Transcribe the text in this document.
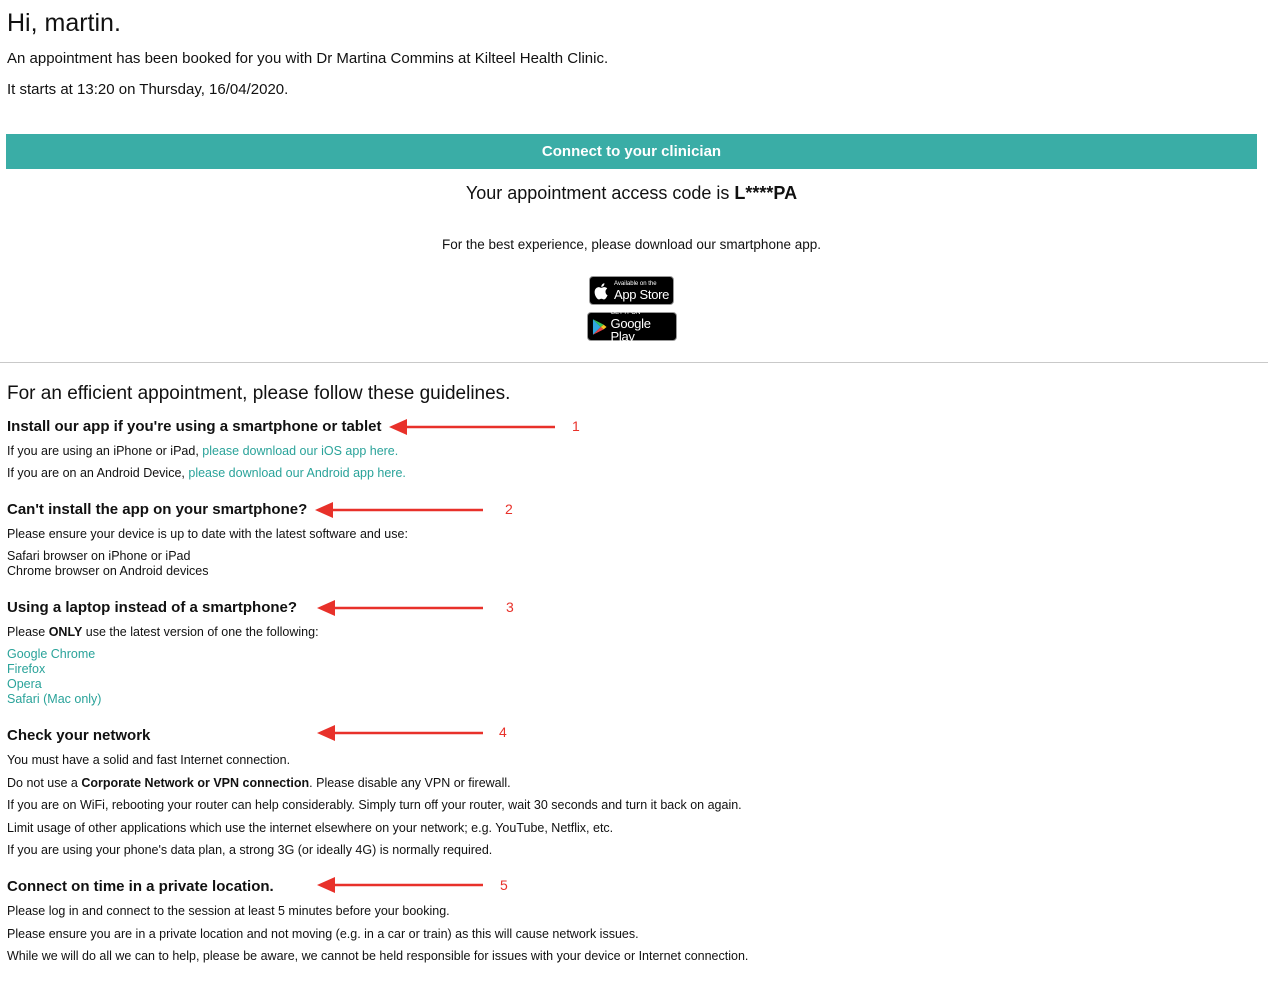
Hi, martin.
An appointment has been booked for you with Dr Martina Commins at Kilteel Health Clinic.
It starts at 13:20 on Thursday, 16/04/2020.
Connect to your clinician
Your appointment access code is L****PA
For the best experience, please download our smartphone app.
Available on the
App Store
GET IT ON
Google Play
For an efficient appointment, please follow these guidelines.
Install our app if you're using a smartphone or tablet
If you are using an iPhone or iPad, please download our iOS app here.
If you are on an Android Device, please download our Android app here.
Can't install the app on your smartphone?
Please ensure your device is up to date with the latest software and use:
Safari browser on iPhone or iPad
Chrome browser on Android devices
Using a laptop instead of a smartphone?
Please ONLY use the latest version of one the following:
Google Chrome
Firefox
Opera
Safari (Mac only)
Check your network
You must have a solid and fast Internet connection.
Do not use a Corporate Network or VPN connection. Please disable any VPN or firewall.
If you are on WiFi, rebooting your router can help considerably. Simply turn off your router, wait 30 seconds and turn it back on again.
Limit usage of other applications which use the internet elsewhere on your network; e.g. YouTube, Netflix, etc.
If you are using your phone's data plan, a strong 3G (or ideally 4G) is normally required.
Connect on time in a private location.
Please log in and connect to the session at least 5 minutes before your booking.
Please ensure you are in a private location and not moving (e.g. in a car or train) as this will cause network issues.
While we will do all we can to help, please be aware, we cannot be held responsible for issues with your device or Internet connection.
1
2
3
4
5
